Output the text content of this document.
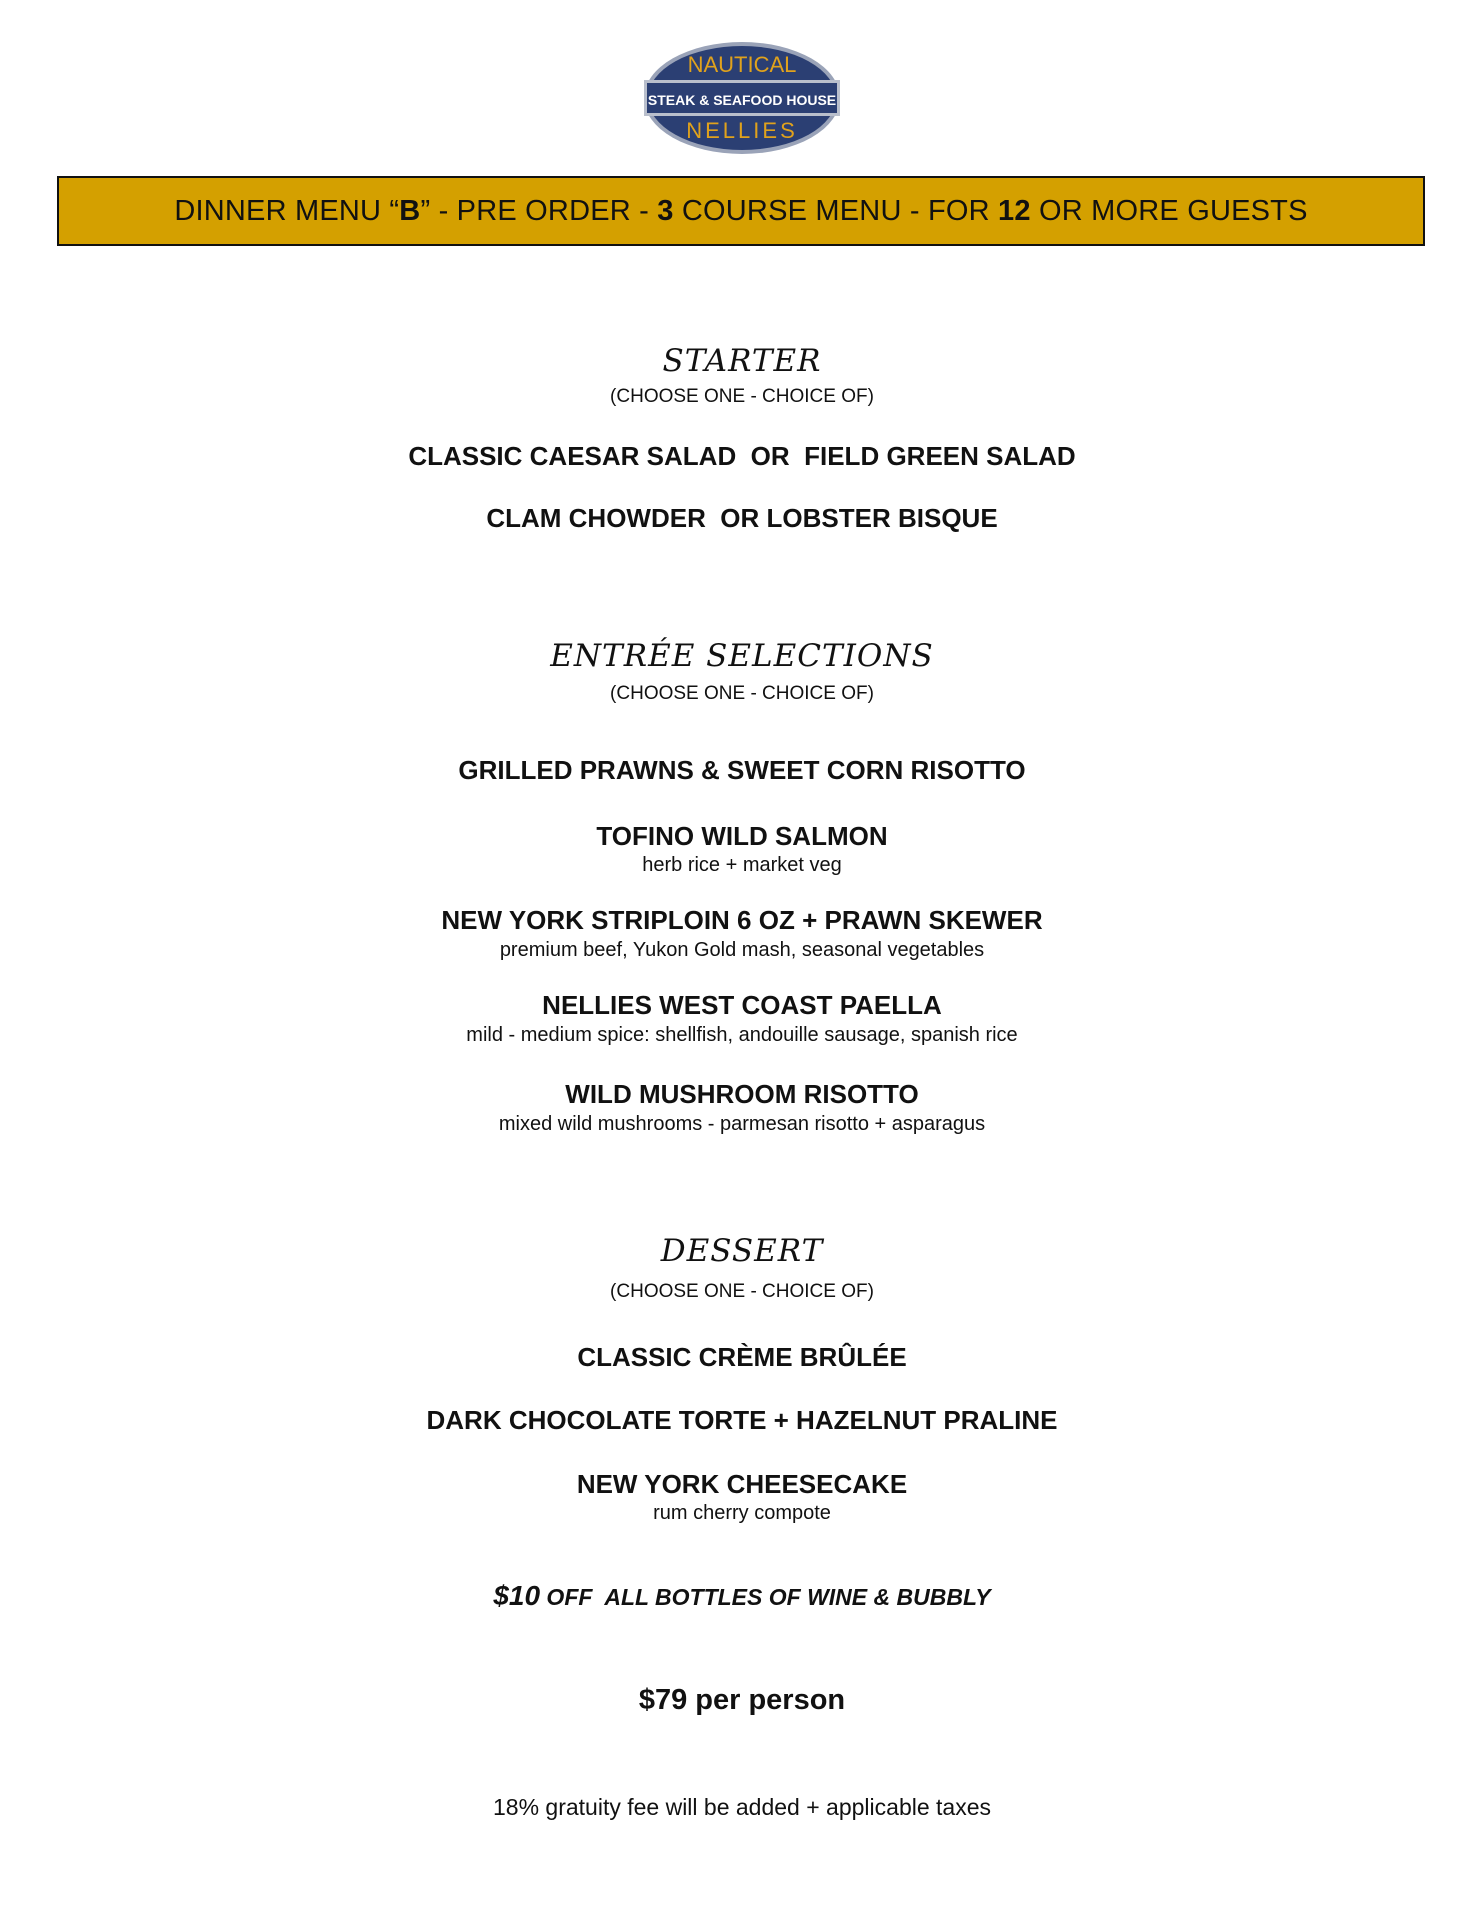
NAUTICAL
STEAK & SEAFOOD HOUSE
NELLIES
DINNER MENU “ B ” - PRE ORDER - 3 COURSE MENU - FOR 12 OR MORE GUESTS
STARTER
(CHOOSE ONE - CHOICE OF)
CLASSIC CAESAR SALAD  OR  FIELD GREEN SALAD
CLAM CHOWDER  OR LOBSTER BISQUE
ENTRÉE SELECTIONS
(CHOOSE ONE - CHOICE OF)
GRILLED PRAWNS & SWEET CORN RISOTTO
TOFINO WILD SALMON
herb rice + market veg
NEW YORK STRIPLOIN 6 OZ + PRAWN SKEWER
premium beef, Yukon Gold mash, seasonal vegetables
NELLIES WEST COAST PAELLA
mild - medium spice: shellfish, andouille sausage, spanish rice
WILD MUSHROOM RISOTTO
mixed wild mushrooms - parmesan risotto + asparagus
DESSERT
(CHOOSE ONE - CHOICE OF)
CLASSIC CRÈME BRÛLÉE
DARK CHOCOLATE TORTE + HAZELNUT PRALINE
NEW YORK CHEESECAKE
rum cherry compote
$10 OFF  ALL BOTTLES OF WINE & BUBBLY
$79 per person
18% gratuity fee will be added + applicable taxes
